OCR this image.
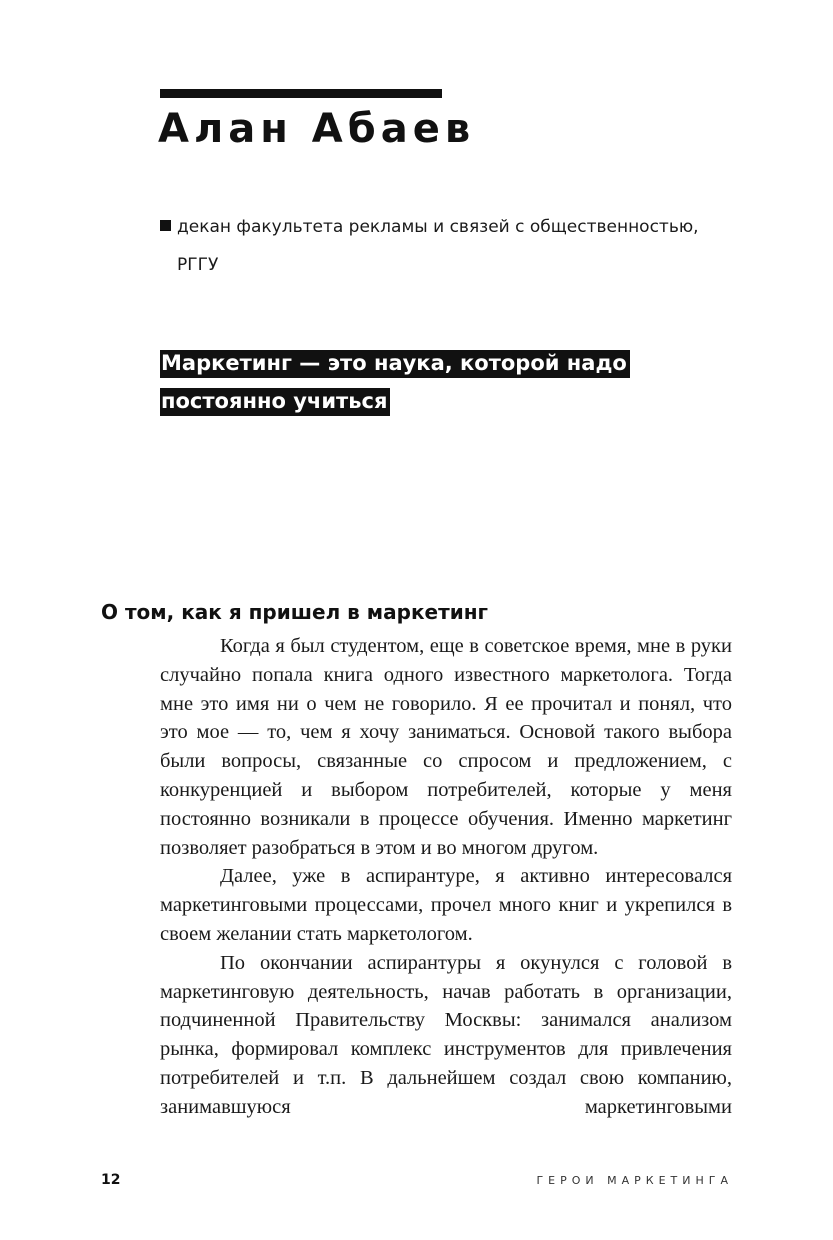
Алан Абаев
декан факультета рекламы и связей с общественностью,
РГГУ
Маркетинг — это наука, которой надо
постоянно учиться
О том, как я пришел в маркетинг

Когда я был студентом, еще в советское время, мне в руки случайно попала книга одного известного маркетолога. Тогда мне это имя ни о чем не говорило. Я ее прочитал и понял, что это мое — то, чем я хочу заниматься. Основой такого выбора были вопросы, связанные со спросом и предложением, с конкуренцией и выбором потребителей, которые у меня постоянно возникали в процессе обучения. Именно маркетинг позволяет разобраться в этом и во многом другом.

Далее, уже в аспирантуре, я активно интересовался маркетинговыми процессами, прочел много книг и укрепился в своем желании стать маркетологом.

По окончании аспирантуры я окунулся с головой в маркетинговую деятельность, начав работать в организации, подчиненной Правительству Москвы: занимался анализом рынка, формировал комплекс инструментов для привлечения потребителей и т.п. В дальнейшем создал свою компанию, занимавшуюся маркетинговыми

12	ГЕРОИ МАРКЕТИНГА
